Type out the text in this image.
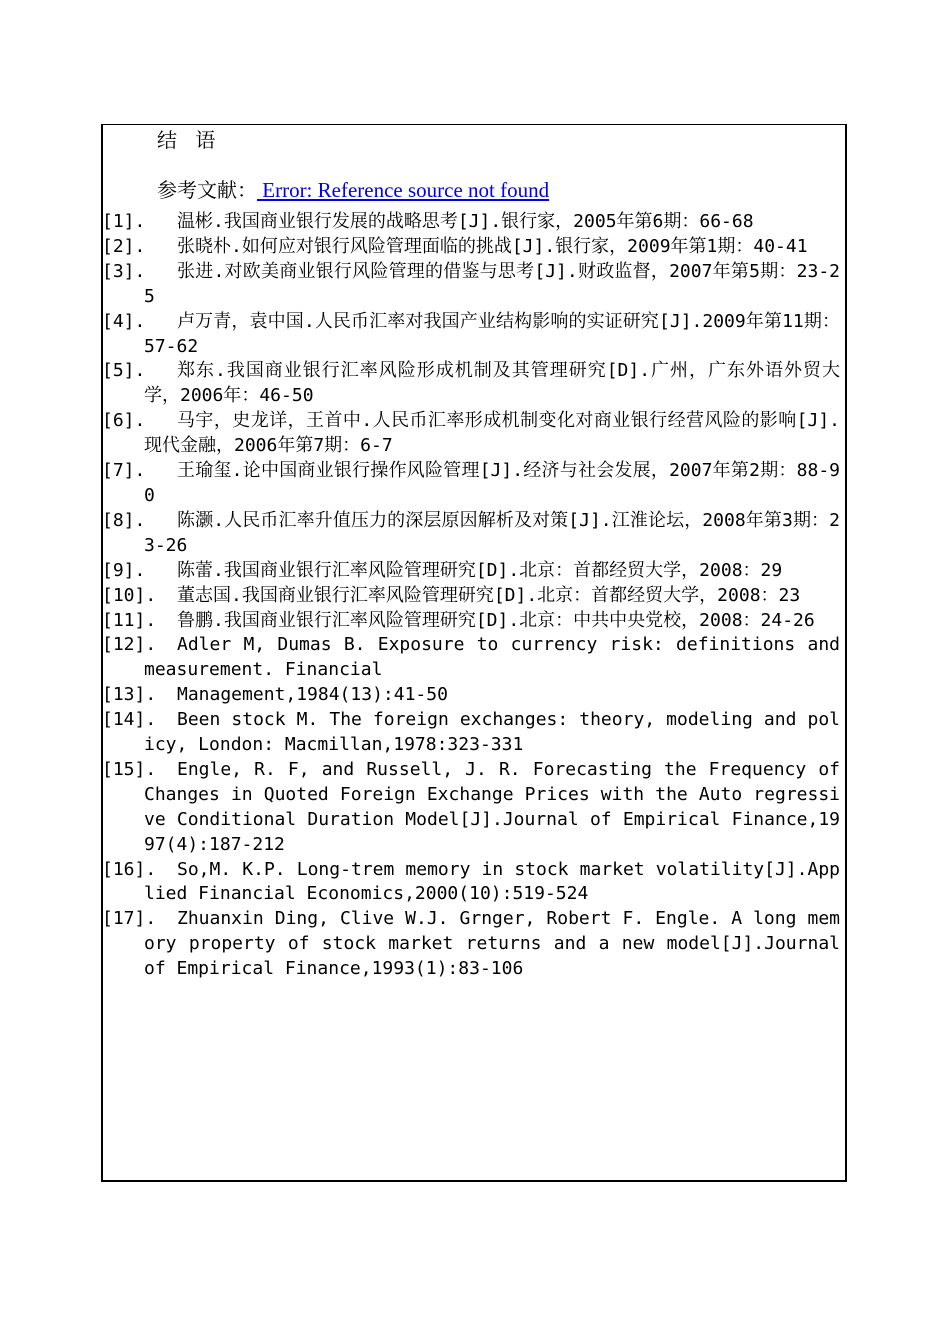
结 语
参考文献： Error: Reference source not found
[1].	温彬.我国商业银行发展的战略思考[J].银行家，2005年第6期：66-68
[2].	张晓朴.如何应对银行风险管理面临的挑战[J].银行家，2009年第1期：40-41
[3].	张进.对欧美商业银行风险管理的借鉴与思考[J].财政监督，2007年第5期：23-25
[4].	卢万青，袁中国.人民币汇率对我国产业结构影响的实证研究[J].2009年第11期：57-62
[5].	郑东.我国商业银行汇率风险形成机制及其管理研究[D].广州，广东外语外贸大学，2006年：46-50
[6].	马宇，史龙详，王首中.人民币汇率形成机制变化对商业银行经营风险的影响[J].现代金融，2006年第7期：6-7
[7].	王瑜玺.论中国商业银行操作风险管理[J].经济与社会发展，2007年第2期：88-90
[8].	陈灏.人民币汇率升值压力的深层原因解析及对策[J].江淮论坛，2008年第3期：23-26
[9].	陈蕾.我国商业银行汇率风险管理研究[D].北京：首都经贸大学，2008：29
[10].	董志国.我国商业银行汇率风险管理研究[D].北京：首都经贸大学，2008：23
[11].	鲁鹏.我国商业银行汇率风险管理研究[D].北京：中共中央党校，2008：24-26
[12].	Adler M, Dumas B. Exposure to currency risk: definitions and measurement. Financial
[13].	Management,1984(13):41-50
[14].	Been stock M. The foreign exchanges: theory, modeling and policy, London: Macmillan,1978:323-331
[15].	Engle, R. F, and Russell, J. R. Forecasting the Frequency of Changes in Quoted Foreign Exchange Prices with the Auto regressive Conditional Duration Model[J].Journal of Empirical Finance,1997(4):187-212
[16].	So,M. K.P. Long-trem memory in stock market volatility[J].Applied Financial Economics,2000(10):519-524
[17].	Zhuanxin Ding, Clive W.J. Grnger, Robert F. Engle. A long memory property of stock market returns and a new model[J].Journal of Empirical Finance,1993(1):83-106
